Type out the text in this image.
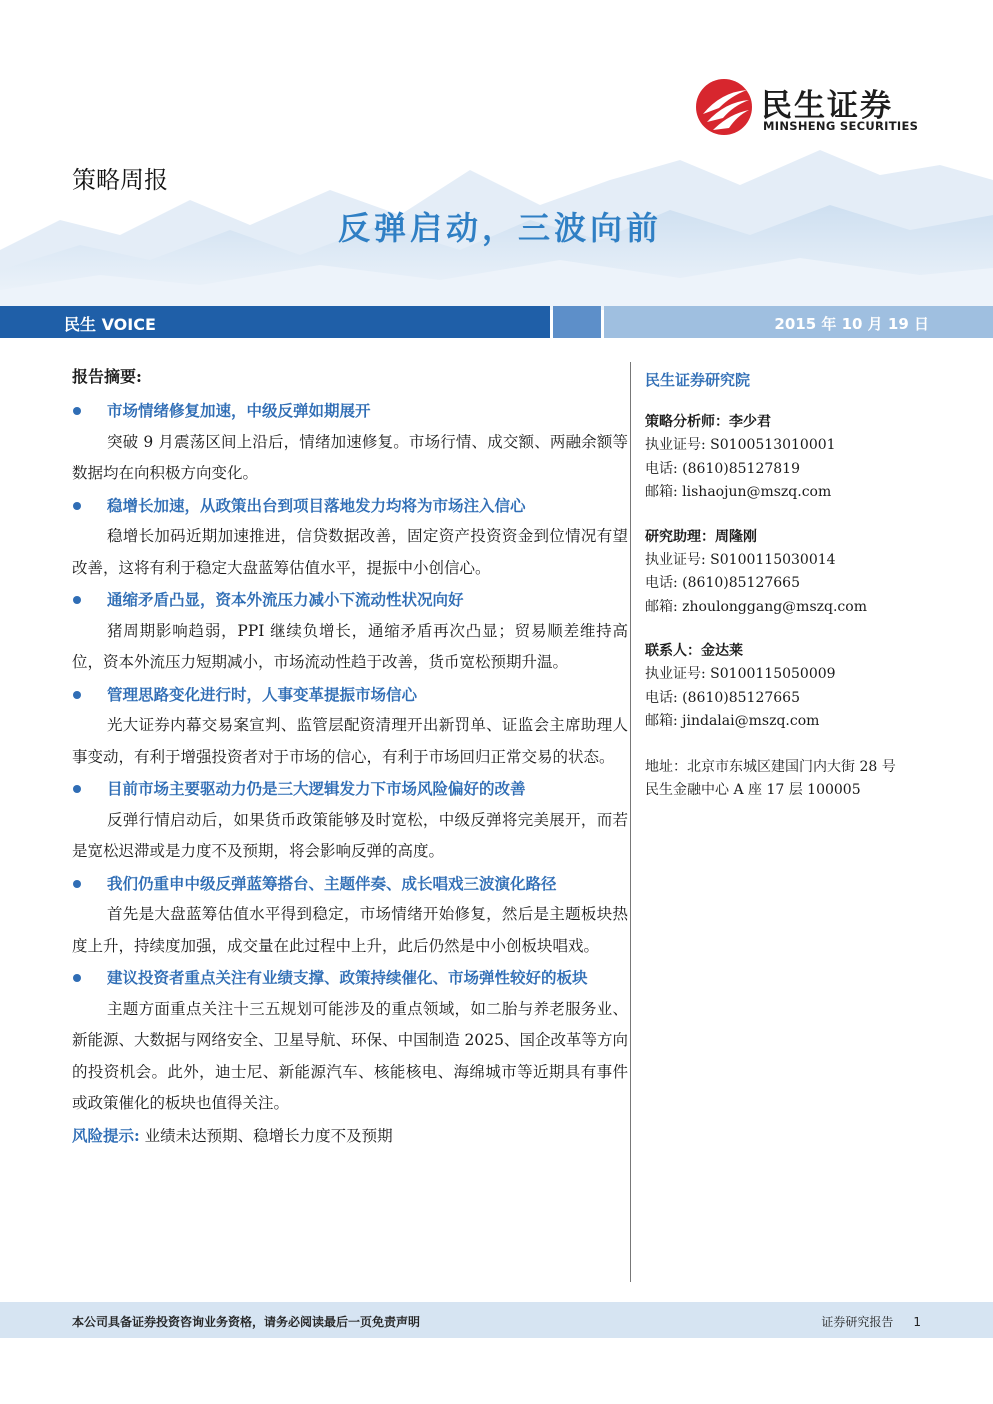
民生证券
MINSHENG SECURITIES
策略周报
反弹启动，三波向前
民生 VOICE	2015 年 10 月 19 日
报告摘要:
市场情绪修复加速，中级反弹如期展开
突破 9 月震荡区间上沿后，情绪加速修复。市场行情、成交额、两融余额等数据均在向积极方向变化。
稳增长加速，从政策出台到项目落地发力均将为市场注入信心
稳增长加码近期加速推进，信贷数据改善，固定资产投资资金到位情况有望改善，这将有利于稳定大盘蓝筹估值水平，提振中小创信心。
通缩矛盾凸显，资本外流压力减小下流动性状况向好
猪周期影响趋弱，PPI 继续负增长，通缩矛盾再次凸显；贸易顺差维持高位，资本外流压力短期减小，市场流动性趋于改善，货币宽松预期升温。
管理思路变化进行时，人事变革提振市场信心
光大证券内幕交易案宣判、监管层配资清理开出新罚单、证监会主席助理人事变动，有利于增强投资者对于市场的信心，有利于市场回归正常交易的状态。
目前市场主要驱动力仍是三大逻辑发力下市场风险偏好的改善
反弹行情启动后，如果货币政策能够及时宽松，中级反弹将完美展开，而若是宽松迟滞或是力度不及预期，将会影响反弹的高度。
我们仍重申中级反弹蓝筹搭台、主题伴奏、成长唱戏三波演化路径
首先是大盘蓝筹估值水平得到稳定，市场情绪开始修复，然后是主题板块热度上升，持续度加强，成交量在此过程中上升，此后仍然是中小创板块唱戏。
建议投资者重点关注有业绩支撑、政策持续催化、市场弹性较好的板块
主题方面重点关注十三五规划可能涉及的重点领域，如二胎与养老服务业、新能源、大数据与网络安全、卫星导航、环保、中国制造 2025、国企改革等方向的投资机会。此外，迪士尼、新能源汽车、核能核电、海绵城市等近期具有事件或政策催化的板块也值得关注。
风险提示: 业绩未达预期、稳增长力度不及预期
民生证券研究院
策略分析师：李少君
执业证号: S0100513010001
电话: (8610)85127819
邮箱: lishaojun@mszq.com
研究助理：周隆刚
执业证号: S0100115030014
电话: (8610)85127665
邮箱: zhoulonggang@mszq.com
联系人：金达莱
执业证号: S0100115050009
电话: (8610)85127665
邮箱: jindalai@mszq.com
地址：北京市东城区建国门内大街 28 号
民生金融中心 A 座 17 层 100005
本公司具备证券投资咨询业务资格，请务必阅读最后一页免责声明	证券研究报告 1
